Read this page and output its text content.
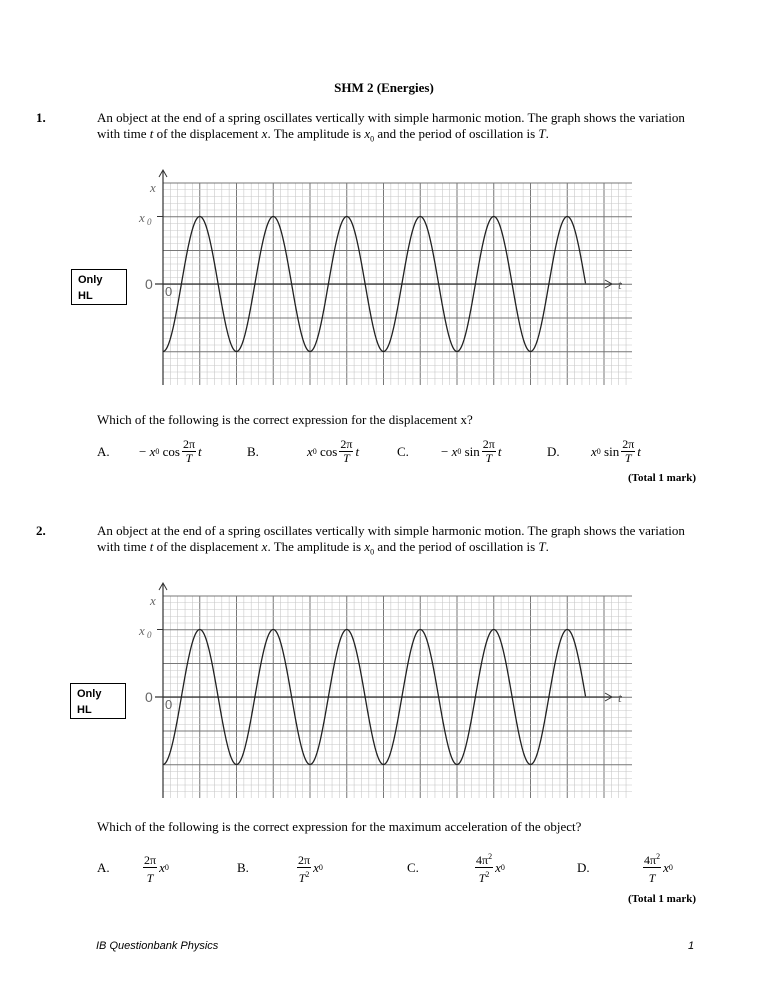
SHM 2 (Energies)
1.	An object at the end of a spring oscillates vertically with simple harmonic motion. The graph shows the variation with time t of the displacement x. The amplitude is $x_0$ and the period of oscillation is T.
Only
HL
x
x 0
0 0	t
Which of the following is the correct expression for the displacement x?
A.	−
x 0
$\cos \frac{2\pi}{T}$ t	B.	x 0
$\cos \frac{2\pi}{T}$ t	C.	−
x 0
$\sin \frac{2\pi}{T}$ t	D.	x 0
$\sin \frac{2\pi}{T}$ t
(Total 1 mark)
2.	An object at the end of a spring oscillates vertically with simple harmonic motion. The graph shows the variation with time t of the displacement x. The amplitude is $x_0$ and the period of oscillation is T.
Only
HL
x
x 0
0 0	t
Which of the following is the correct expression for the maximum acceleration of the object?
A.	$\frac{2\pi}{T}$ x 0	B.	$\frac{2\pi}{T^2}$ x 0	C.	$\frac{4\pi^2}{T^2}$ x 0	D.	$\frac{4\pi^2}{T}$ x 0
(Total 1 mark)
IB Questionbank Physics	1
